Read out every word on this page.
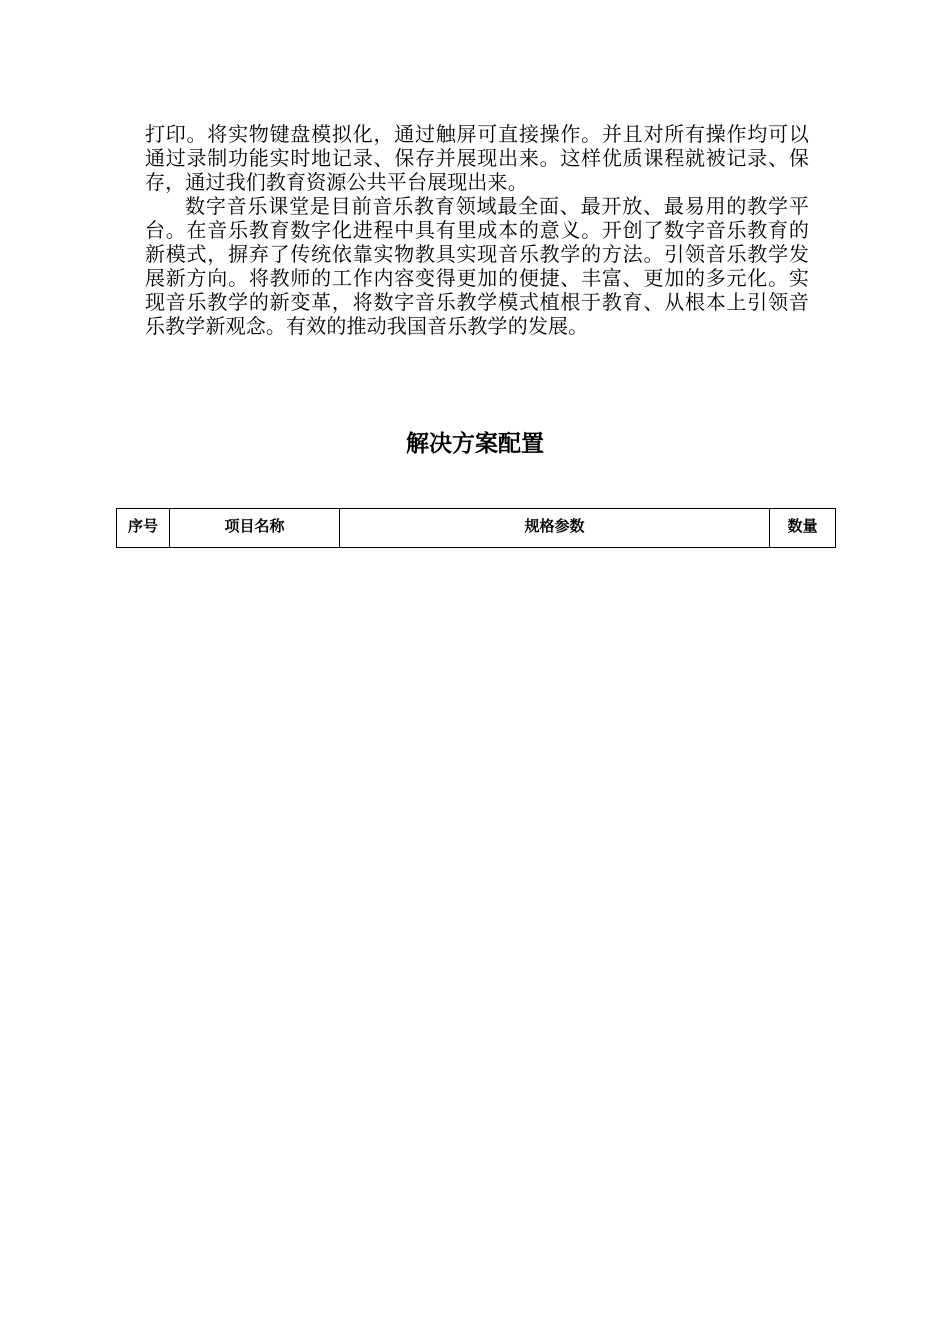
打印。将实物键盘模拟化，通过触屏可直接操作。并且对所有操作均可以通过录制功能实时地记录、保存并展现出来。这样优质课程就被记录、保存，通过我们教育资源公共平台展现出来。

数字音乐课堂是目前音乐教育领域最全面、最开放、最易用的教学平台。在音乐教育数字化进程中具有里成本的意义。开创了数字音乐教育的新模式，摒弃了传统依靠实物教具实现音乐教学的方法。引领音乐教学发展新方向。将教师的工作内容变得更加的便捷、丰富、更加的多元化。实现音乐教学的新变革，将数字音乐教学模式植根于教育、从根本上引领音乐教学新观念。有效的推动我国音乐教学的发展。

解决方案配置
序号	项目名称	规格参数	数量
